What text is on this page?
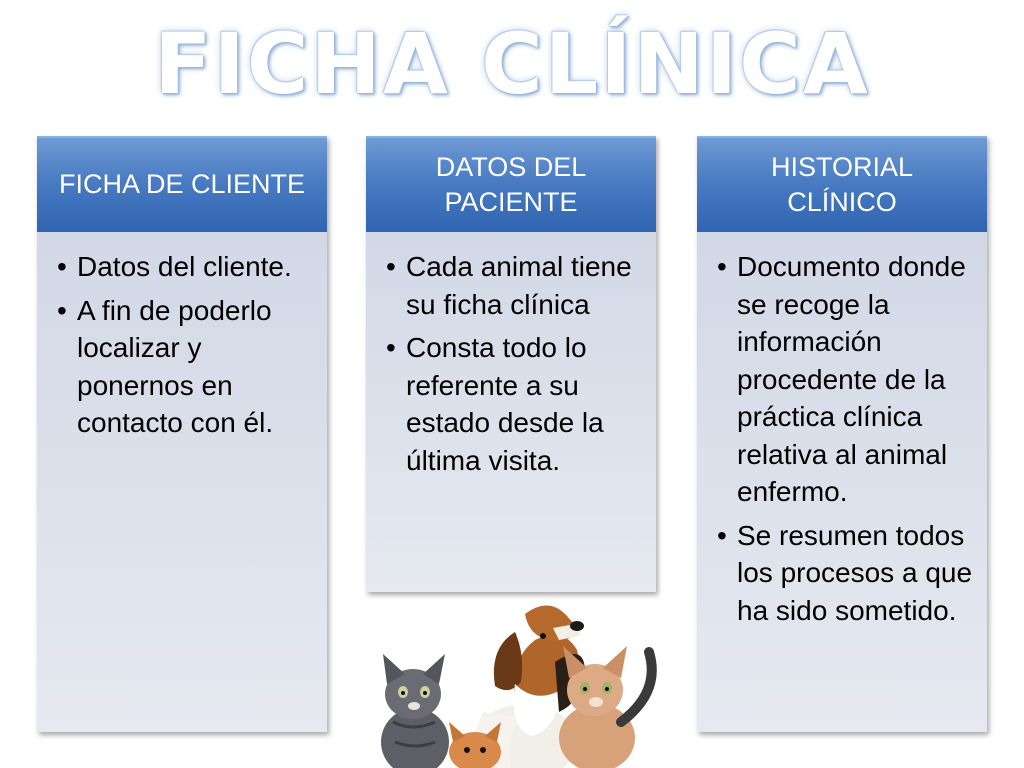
FICHA CLÍNICA
FICHA DE CLIENTE
• Datos del cliente.
• A fin de poderlo localizar y ponernos en contacto con él.
DATOS DEL PACIENTE
• Cada animal tiene su ficha clínica
• Consta todo lo referente a su estado desde la última visita.
HISTORIAL CLÍNICO
• Documento donde se recoge la información procedente de la práctica clínica relativa al animal enfermo.
• Se resumen todos los procesos a que ha sido sometido.
